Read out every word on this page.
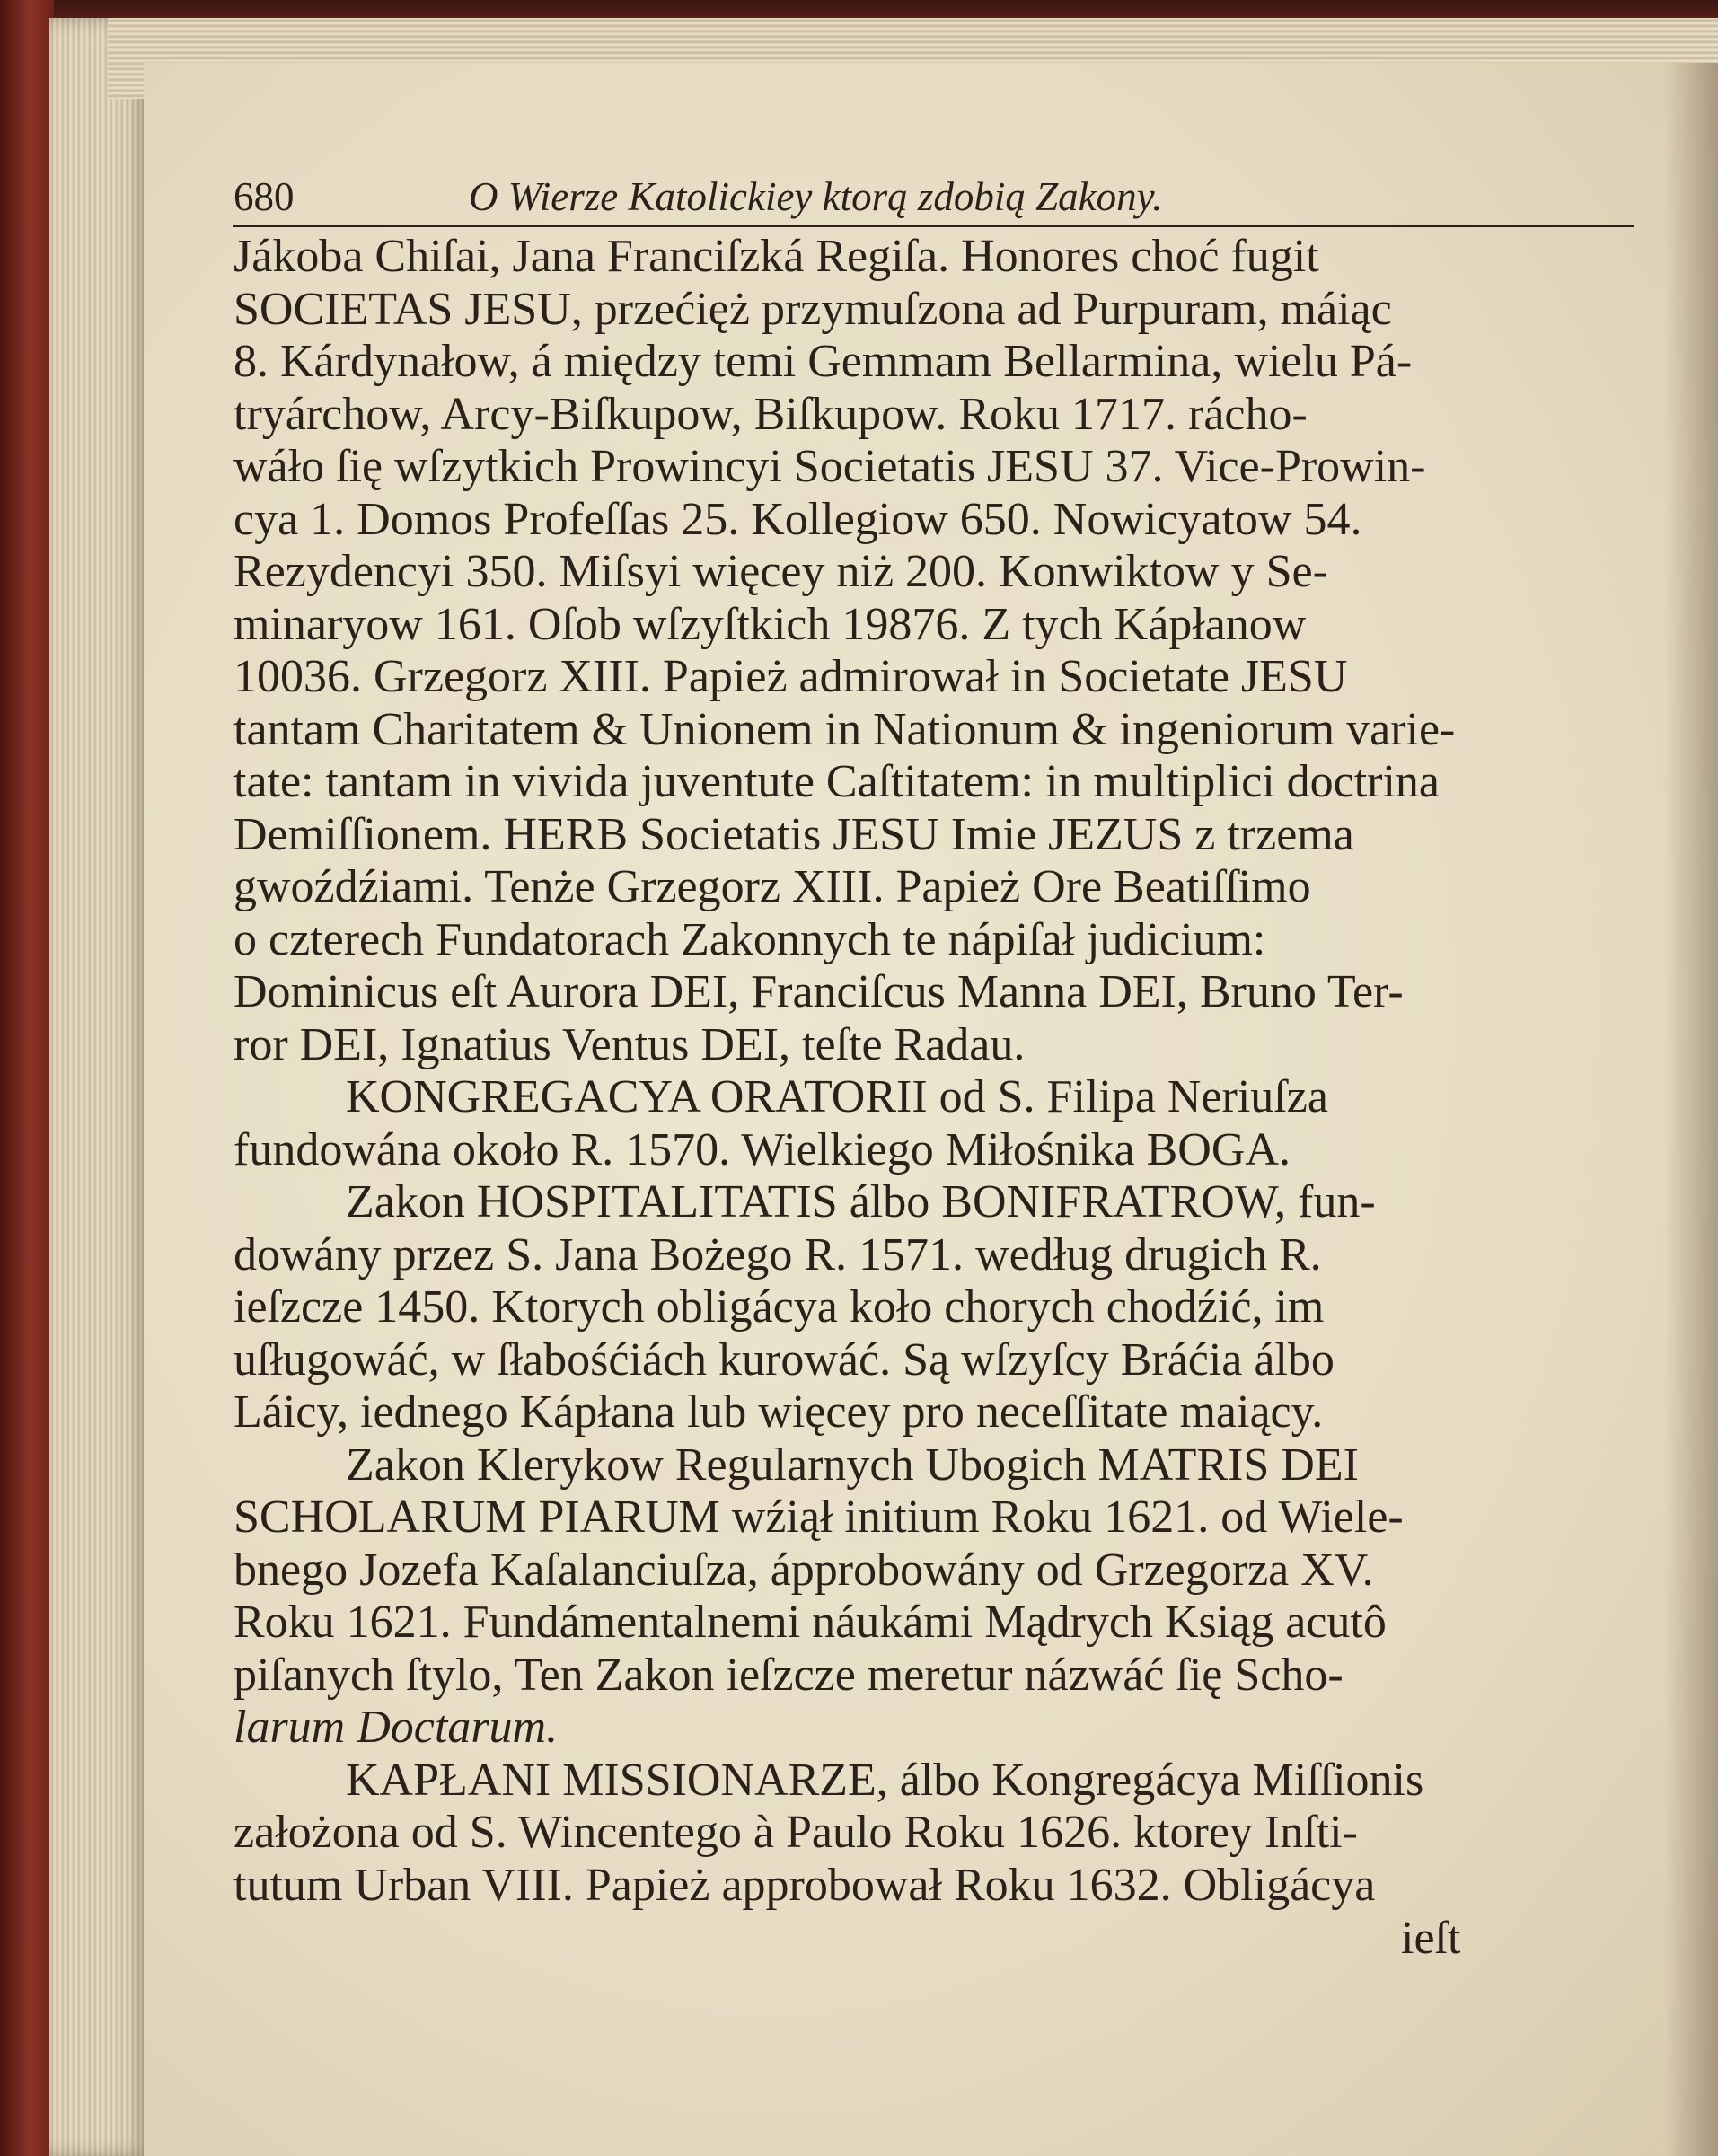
680	O Wierze Katolickiey ktorą zdobią Zakony.
Jákoba Chiſai, Jana Franciſzká Regiſa. Honores choć fugit
SOCIETAS JESU, przećięż przymuſzona ad Purpuram, máiąc
8. Kárdynałow, á między temi Gemmam Bellarmina, wielu Pá-
tryárchow, Arcy-Biſkupow, Biſkupow. Roku 1717. rácho-
wáło ſię wſzytkich Prowincyi Societatis JESU 37. Vice-Prowin-
cya 1. Domos Profeſſas 25. Kollegiow 650. Nowicyatow 54.
Rezydencyi 350. Miſsyi więcey niż 200. Konwiktow y Se-
minaryow 161. Oſob wſzyſtkich 19876. Z tych Kápłanow
10036. Grzegorz XIII. Papież admirował in Societate JESU
tantam Charitatem & Unionem in Nationum & ingeniorum varie-
tate: tantam in vivida juventute Caſtitatem: in multiplici doctrina
Demiſſionem. HERB Societatis JESU Imie JEZUS z trzema
gwoźdźiami. Tenże Grzegorz XIII. Papież Ore Beatiſſimo
o czterech Fundatorach Zakonnych te nápiſał judicium:
Dominicus eſt Aurora DEI, Franciſcus Manna DEI, Bruno Ter-
ror DEI, Ignatius Ventus DEI, teſte Radau.
KONGREGACYA ORATORII od S. Filipa Neriuſza
fundowána około R. 1570. Wielkiego Miłośnika BOGA.
Zakon HOSPITALITATIS álbo BONIFRATROW, fun-
dowány przez S. Jana Bożego R. 1571. według drugich R.
ieſzcze 1450. Ktorych obligácya koło chorych chodźić, im
uſługowáć, w ſłabośćiách kurowáć. Są wſzyſcy Bráćia álbo
Láicy, iednego Kápłana lub więcey pro neceſſitate maiący.
Zakon Klerykow Regularnych Ubogich MATRIS DEI
SCHOLARUM PIARUM wźiął initium Roku 1621. od Wiele-
bnego Jozefa Kaſalanciuſza, ápprobowány od Grzegorza XV.
Roku 1621. Fundámentalnemi náukámi Mądrych Ksiąg acutô
piſanych ſtylo, Ten Zakon ieſzcze meretur názwáć ſię Scho-
larum Doctarum.
KAPŁANI MISSIONARZE, álbo Kongregácya Miſſionis
założona od S. Wincentego à Paulo Roku 1626. ktorey Inſti-
tutum Urban VIII. Papież approbował Roku 1632. Obligácya
ieſt
